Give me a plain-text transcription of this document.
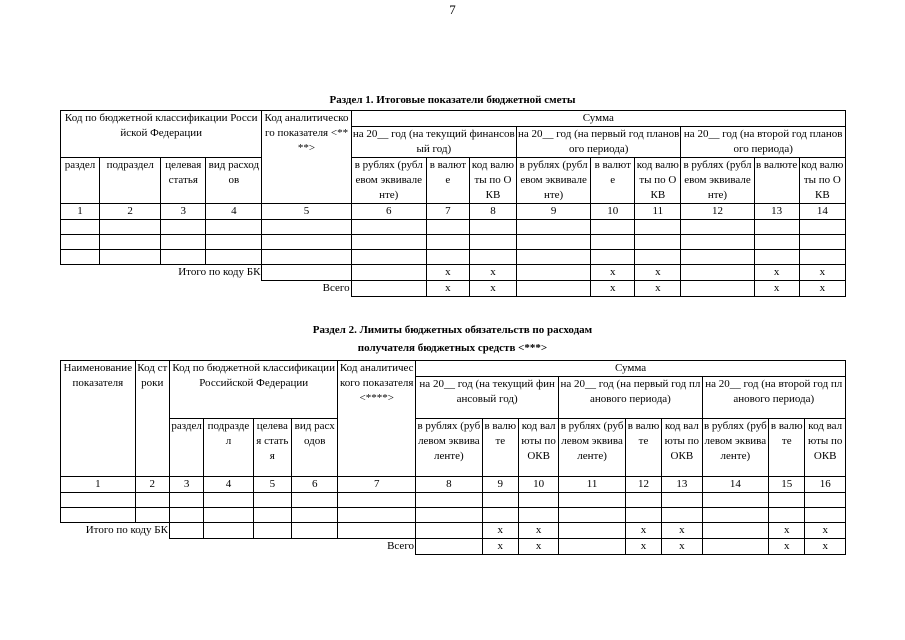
7
Раздел 1. Итоговые показатели бюджетной сметы
Код по бюджетной классификации Российской Федерации				Код аналитического показателя <****>	Сумма								
					на 20__ год (на текущий финансовый год)			на 20__ год (на первый год планового периода)			на 20__ год (на второй год планового периода)		

раздел	подраздел	целевая статья	вид расходов		в рублях (рублевом эквиваленте)	в валюте	код валюты по ОКВ	в рублях (рублевом эквиваленте)	в валюте	код валюты по ОКВ	в рублях (рублевом эквиваленте)	в валюте	код валюты по ОКВ
1	2	3	4	5	6	7	8	9	10	11	12	13	14

Итого по коду БК						x	x		x	x		x	x
Всего						x	x		x	x		x	x
Раздел 2. Лимиты бюджетных обязательств по расходам
получателя бюджетных средств <***>
Наименование показателя	Код строки	Код по бюджетной классификации Российской Федерации				Код аналитического показателя <****>	Сумма								
							на 20__ год (на текущий финансовый год)			на 20__ год (на первый год планового периода)			на 20__ год (на второй год планового периода)		

		раздел	подраздел	целевая статья	вид расходов		в рублях (рублевом эквиваленте)	в валюте	код валюты по ОКВ	в рублях (рублевом эквиваленте)	в валюте	код валюты по ОКВ	в рублях (рублевом эквиваленте)	в валюте	код валюты по ОКВ
1	2	3	4	5	6	7	8	9	10	11	12	13	14	15	16

Итого по коду БК								x	x		x	x		x	x
Всего								x	x		x	x		x	x
